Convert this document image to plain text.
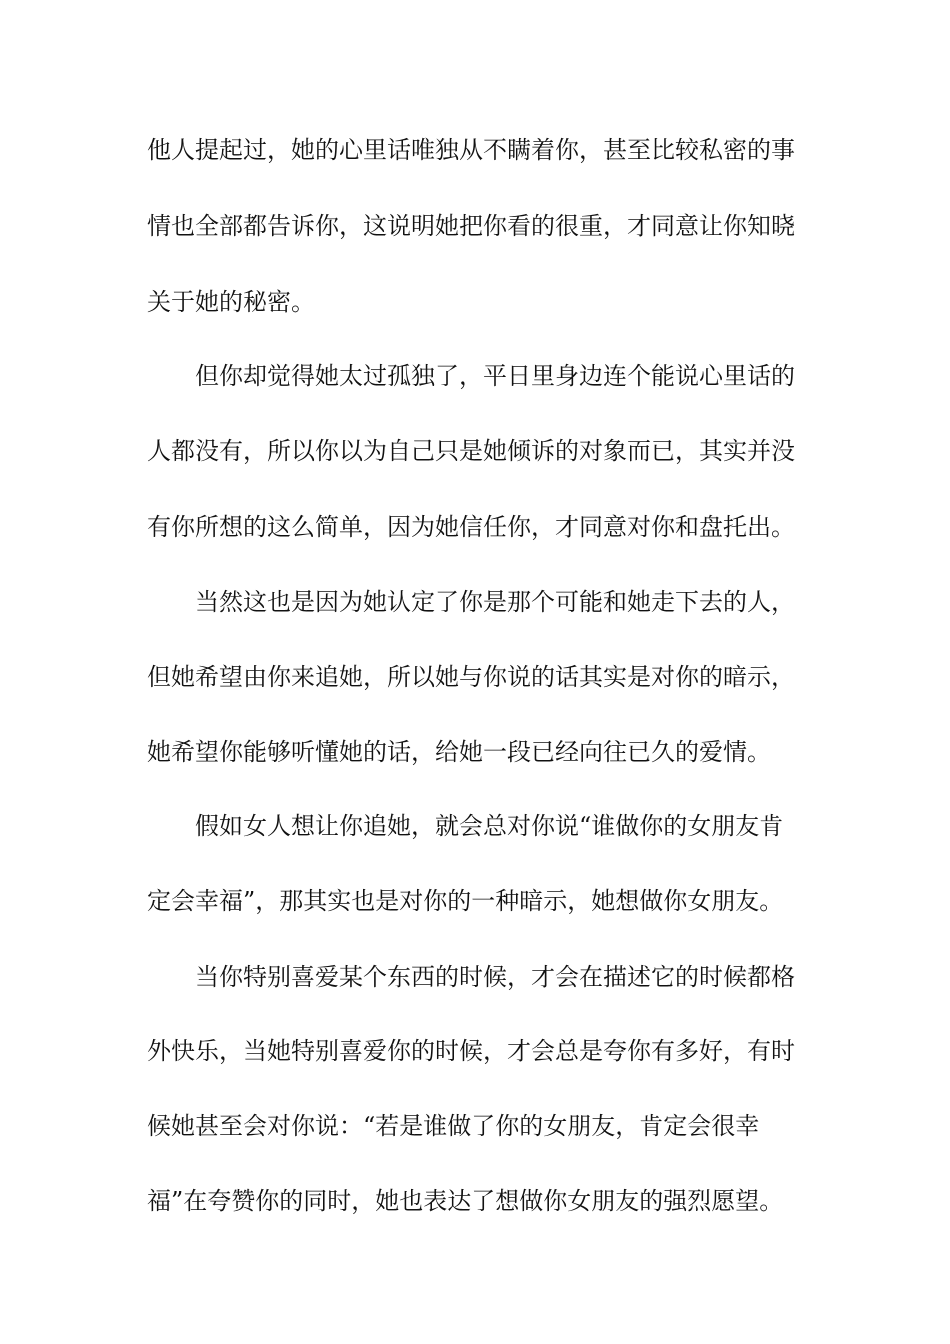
他人提起过，她的心里话唯独从不瞒着你，甚至比较私密的事
情也全部都告诉你，这说明她把你看的很重，才同意让你知晓
关于她的秘密。
但你却觉得她太过孤独了，平日里身边连个能说心里话的
人都没有，所以你以为自己只是她倾诉的对象而已，其实并没
有你所想的这么简单，因为她信任你，才同意对你和盘托出。
当然这也是因为她认定了你是那个可能和她走下去的人，
但她希望由你来追她，所以她与你说的话其实是对你的暗示，
她希望你能够听懂她的话，给她一段已经向往已久的爱情。
假如女人想让你追她，就会总对你说“谁做你的女朋友肯
定会幸福”，那其实也是对你的一种暗示，她想做你女朋友。
当你特别喜爱某个东西的时候，才会在描述它的时候都格
外快乐，当她特别喜爱你的时候，才会总是夸你有多好，有时
候她甚至会对你说：“若是谁做了你的女朋友，肯定会很幸
福”在夸赞你的同时，她也表达了想做你女朋友的强烈愿望。
